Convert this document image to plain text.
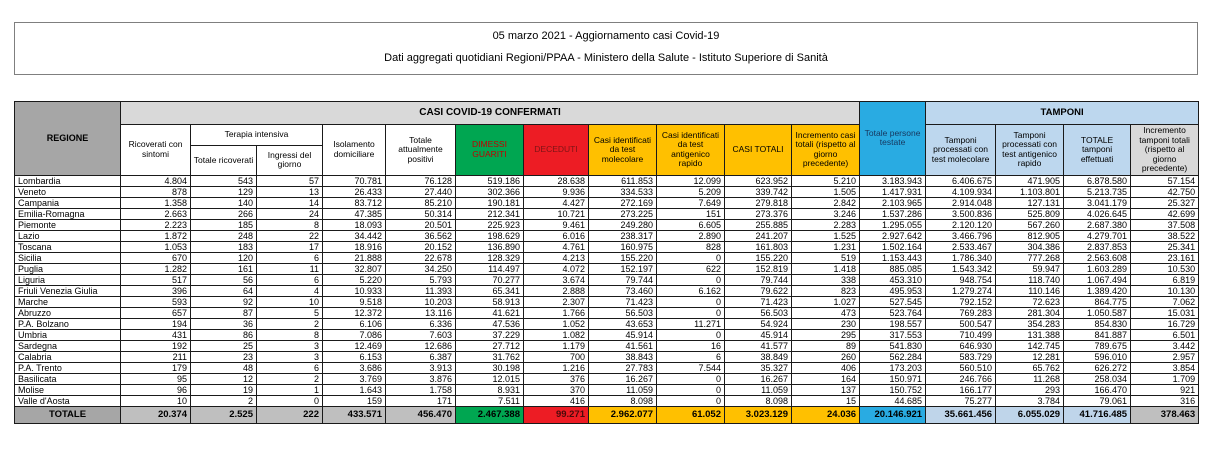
05 marzo 2021 - Aggiornamento casi Covid-19
Dati aggregati quotidiani Regioni/PPAA - Ministero della Salute - Istituto Superiore di Sanità
REGIONE	CASI COVID-19 CONFERMATI											Totale persone testate	TAMPONI			
	Ricoverati con sintomi	Terapia intensiva		Isolamento domiciliare	Totale attualmente positivi	DIMESSI GUARITI	DECEDUTI	Casi identificati da test molecolare	Casi identificati da test antigenico rapido	CASI TOTALI	Incremento casi totali (rispetto al giorno precedente)		Tamponi processati con test molecolare	Tamponi processati con test antigenico rapido	TOTALE tamponi effettuati	Incremento tamponi totali (rispetto al giorno precedente)
		Totale ricoverati	Ingressi del giorno													
Lombardia	4.804	543	57	70.781	76.128	519.186	28.638	611.853	12.099	623.952	5.210	3.183.943	6.406.675	471.905	6.878.580	57.154
Veneto	878	129	13	26.433	27.440	302.366	9.936	334.533	5.209	339.742	1.505	1.417.931	4.109.934	1.103.801	5.213.735	42.750
Campania	1.358	140	14	83.712	85.210	190.181	4.427	272.169	7.649	279.818	2.842	2.103.965	2.914.048	127.131	3.041.179	25.327
Emilia-Romagna	2.663	266	24	47.385	50.314	212.341	10.721	273.225	151	273.376	3.246	1.537.286	3.500.836	525.809	4.026.645	42.699
Piemonte	2.223	185	8	18.093	20.501	225.923	9.461	249.280	6.605	255.885	2.283	1.295.055	2.120.120	567.260	2.687.380	37.508
Lazio	1.872	248	22	34.442	36.562	198.629	6.016	238.317	2.890	241.207	1.525	2.927.642	3.466.796	812.905	4.279.701	38.522
Toscana	1.053	183	17	18.916	20.152	136.890	4.761	160.975	828	161.803	1.231	1.502.164	2.533.467	304.386	2.837.853	25.341
Sicilia	670	120	6	21.888	22.678	128.329	4.213	155.220	0	155.220	519	1.153.443	1.786.340	777.268	2.563.608	23.161
Puglia	1.282	161	11	32.807	34.250	114.497	4.072	152.197	622	152.819	1.418	885.085	1.543.342	59.947	1.603.289	10.530
Liguria	517	56	6	5.220	5.793	70.277	3.674	79.744	0	79.744	338	453.310	948.754	118.740	1.067.494	6.819
Friuli Venezia Giulia	396	64	4	10.933	11.393	65.341	2.888	73.460	6.162	79.622	823	495.953	1.279.274	110.146	1.389.420	10.130
Marche	593	92	10	9.518	10.203	58.913	2.307	71.423	0	71.423	1.027	527.545	792.152	72.623	864.775	7.062
Abruzzo	657	87	5	12.372	13.116	41.621	1.766	56.503	0	56.503	473	523.764	769.283	281.304	1.050.587	15.031
P.A. Bolzano	194	36	2	6.106	6.336	47.536	1.052	43.653	11.271	54.924	230	198.557	500.547	354.283	854.830	16.729
Umbria	431	86	8	7.086	7.603	37.229	1.082	45.914	0	45.914	295	317.553	710.499	131.388	841.887	6.501
Sardegna	192	25	3	12.469	12.686	27.712	1.179	41.561	16	41.577	89	541.830	646.930	142.745	789.675	3.442
Calabria	211	23	3	6.153	6.387	31.762	700	38.843	6	38.849	260	562.284	583.729	12.281	596.010	2.957
P.A. Trento	179	48	6	3.686	3.913	30.198	1.216	27.783	7.544	35.327	406	173.203	560.510	65.762	626.272	3.854
Basilicata	95	12	2	3.769	3.876	12.015	376	16.267	0	16.267	164	150.971	246.766	11.268	258.034	1.709
Molise	96	19	1	1.643	1.758	8.931	370	11.059	0	11.059	137	150.752	166.177	293	166.470	921
Valle d'Aosta	10	2	0	159	171	7.511	416	8.098	0	8.098	15	44.685	75.277	3.784	79.061	316
TOTALE	20.374	2.525	222	433.571	456.470	2.467.388	99.271	2.962.077	61.052	3.023.129	24.036	20.146.921	35.661.456	6.055.029	41.716.485	378.463
